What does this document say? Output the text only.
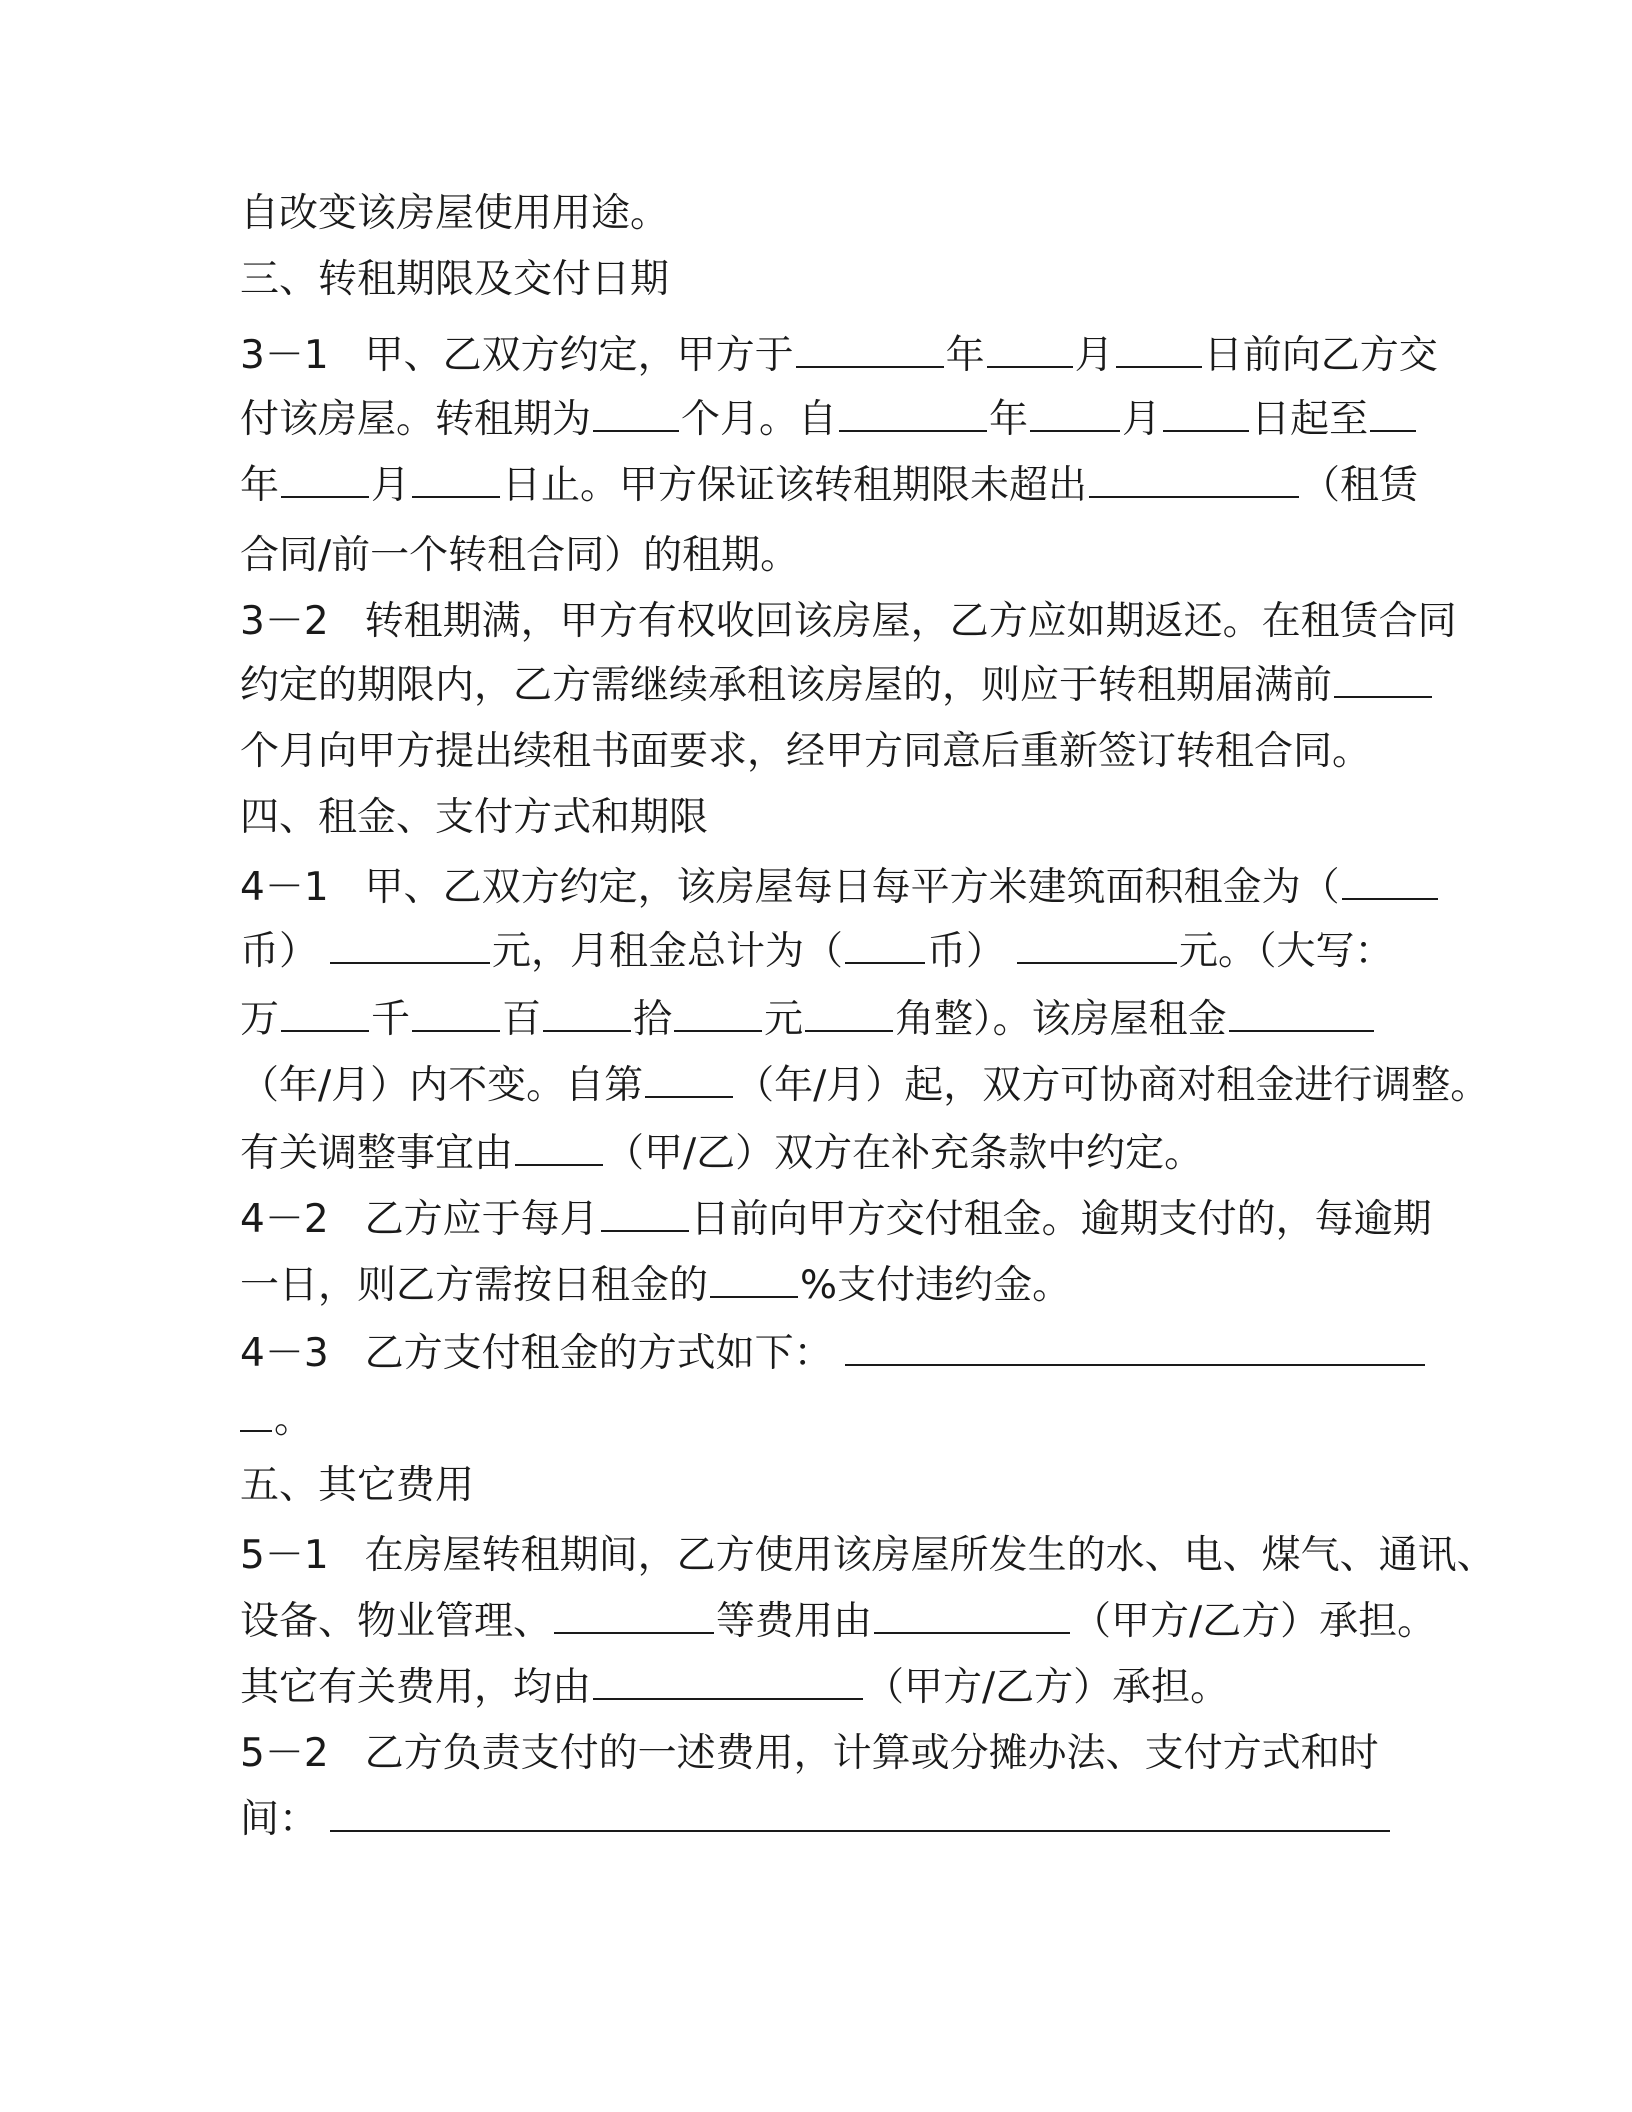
自改变该房屋使用用途。
三、转租期限及交付日期
3－1 甲、乙双方约定，甲方于	年 月 日前向乙方交
付该房屋。转租期为 个月。自	年 月 日起至
年 月 日止。甲方保证该转租期限未超出	（租赁
合同/前一个转租合同）的租期。
3－2 转租期满，甲方有权收回该房屋，乙方应如期返还。在租赁合同
约定的期限内，乙方需继续承租该房屋的，则应于转租期届满前
个月向甲方提出续租书面要求，经甲方同意后重新签订转租合同。
四、租金、支付方式和期限
4－1 甲、乙双方约定，该房屋每日每平方米建筑面积租金为（
币）	元，月租金总计为（ 币）	元。（大写：
万 千 百 拾 元 角整）。该房屋租金
（年/月）内不变。自第 （年/月）起，双方可协商对租金进行调整。
有关调整事宜由 （甲/乙）双方在补充条款中约定。
4－2 乙方应于每月 日前向甲方交付租金。逾期支付的，每逾期
一日，则乙方需按日租金的 %支付违约金。
4－3 乙方支付租金的方式如下：
。
五、其它费用
5－1 在房屋转租期间，乙方使用该房屋所发生的水、电、煤气、通讯、
设备、物业管理、	等费用由	（甲方/乙方）承担。
其它有关费用，均由	（甲方/乙方）承担。
5－2 乙方负责支付的一述费用，计算或分摊办法、支付方式和时
间：
